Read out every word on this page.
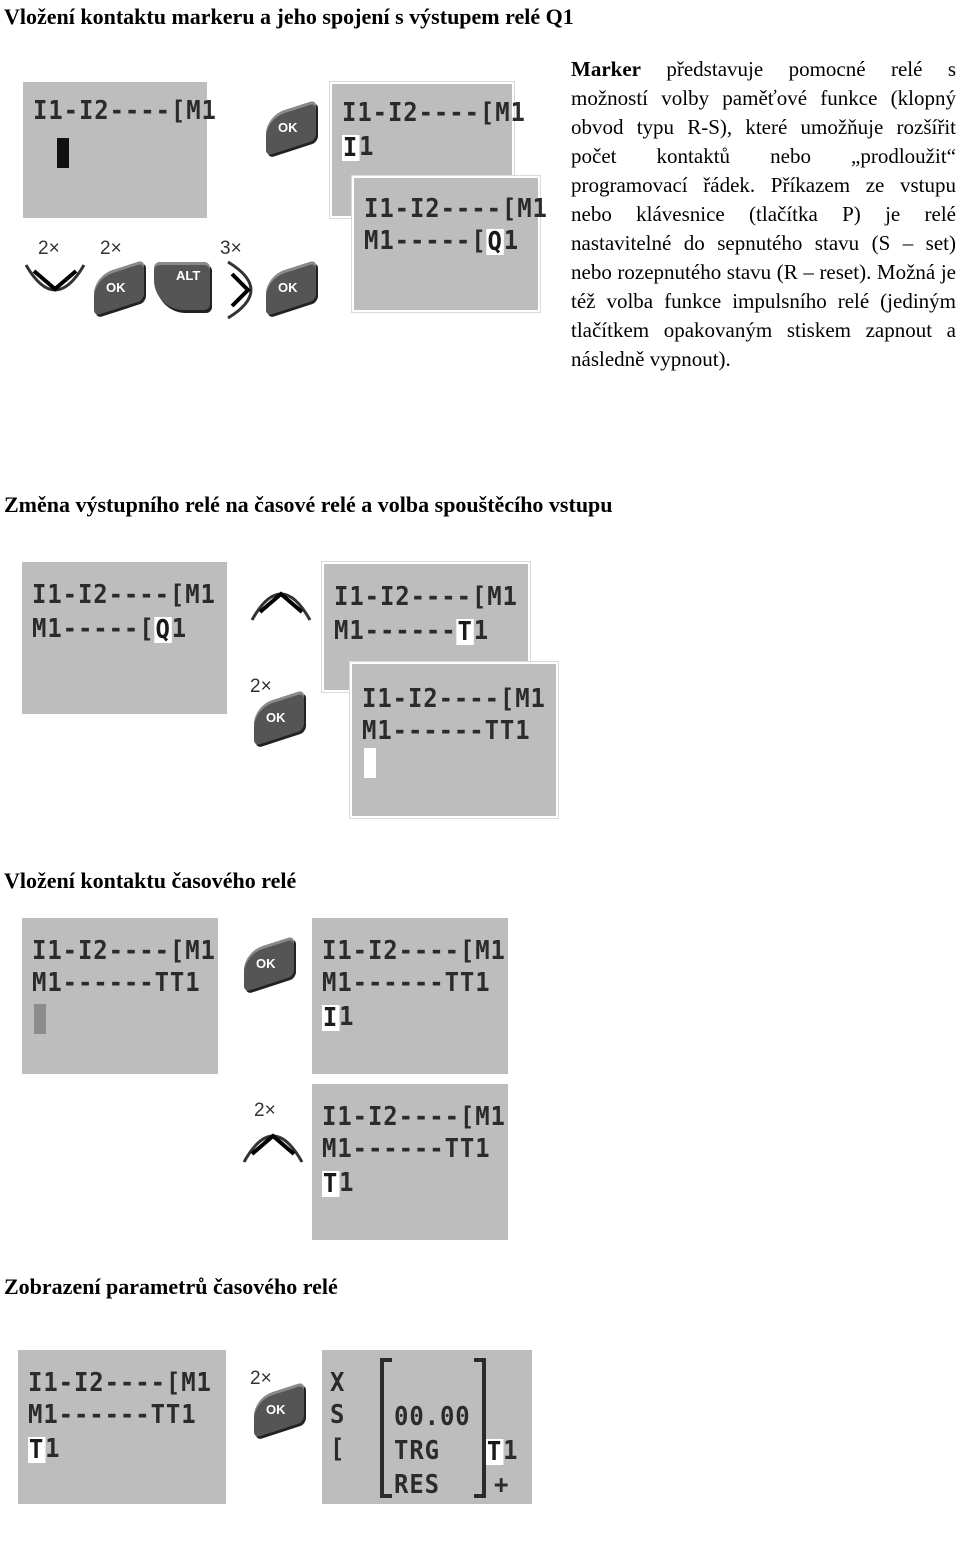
Vložení kontaktu markeru a jeho spojení s výstupem relé Q1
I1-I2----[M1
OK I1-I2----[M1
I1
I1-I2----[M1
M1-----[Q1
2× 2×
OK
ALT
3×
OK

Marker představuje pomocné relé s možností volby paměťové funkce (klopný obvod typu R-S), které umožňuje rozšířit počet kontaktů nebo „prodloužit“ programovací řádek. Příkazem ze vstupu nebo klávesnice (tlačítka P) je relé nastavitelné do sepnutého stavu (S – set) nebo rozepnutého stavu (R – reset). Možná je též volba funkce impulsního relé (jediným tlačítkem opakovaným stiskem zapnout a následně vypnout).

Změna výstupního relé na časové relé a volba spouštěcího vstupu
I1-I2----[M1
M1-----[Q1
2×
OK
I1-I2----[M1
M1------T1
I1-I2----[M1
M1------TT1
Vložení kontaktu časového relé
I1-I2----[M1
M1------TT1
OK I1-I2----[M1
M1------TT1
I1
2× I1-I2----[M1
M1------TT1
T1
Zobrazení parametrů časového relé
I1-I2----[M1
M1------TT1
T1
2×
OK
X
S
[
00.00
TRG
RES
T1
+
